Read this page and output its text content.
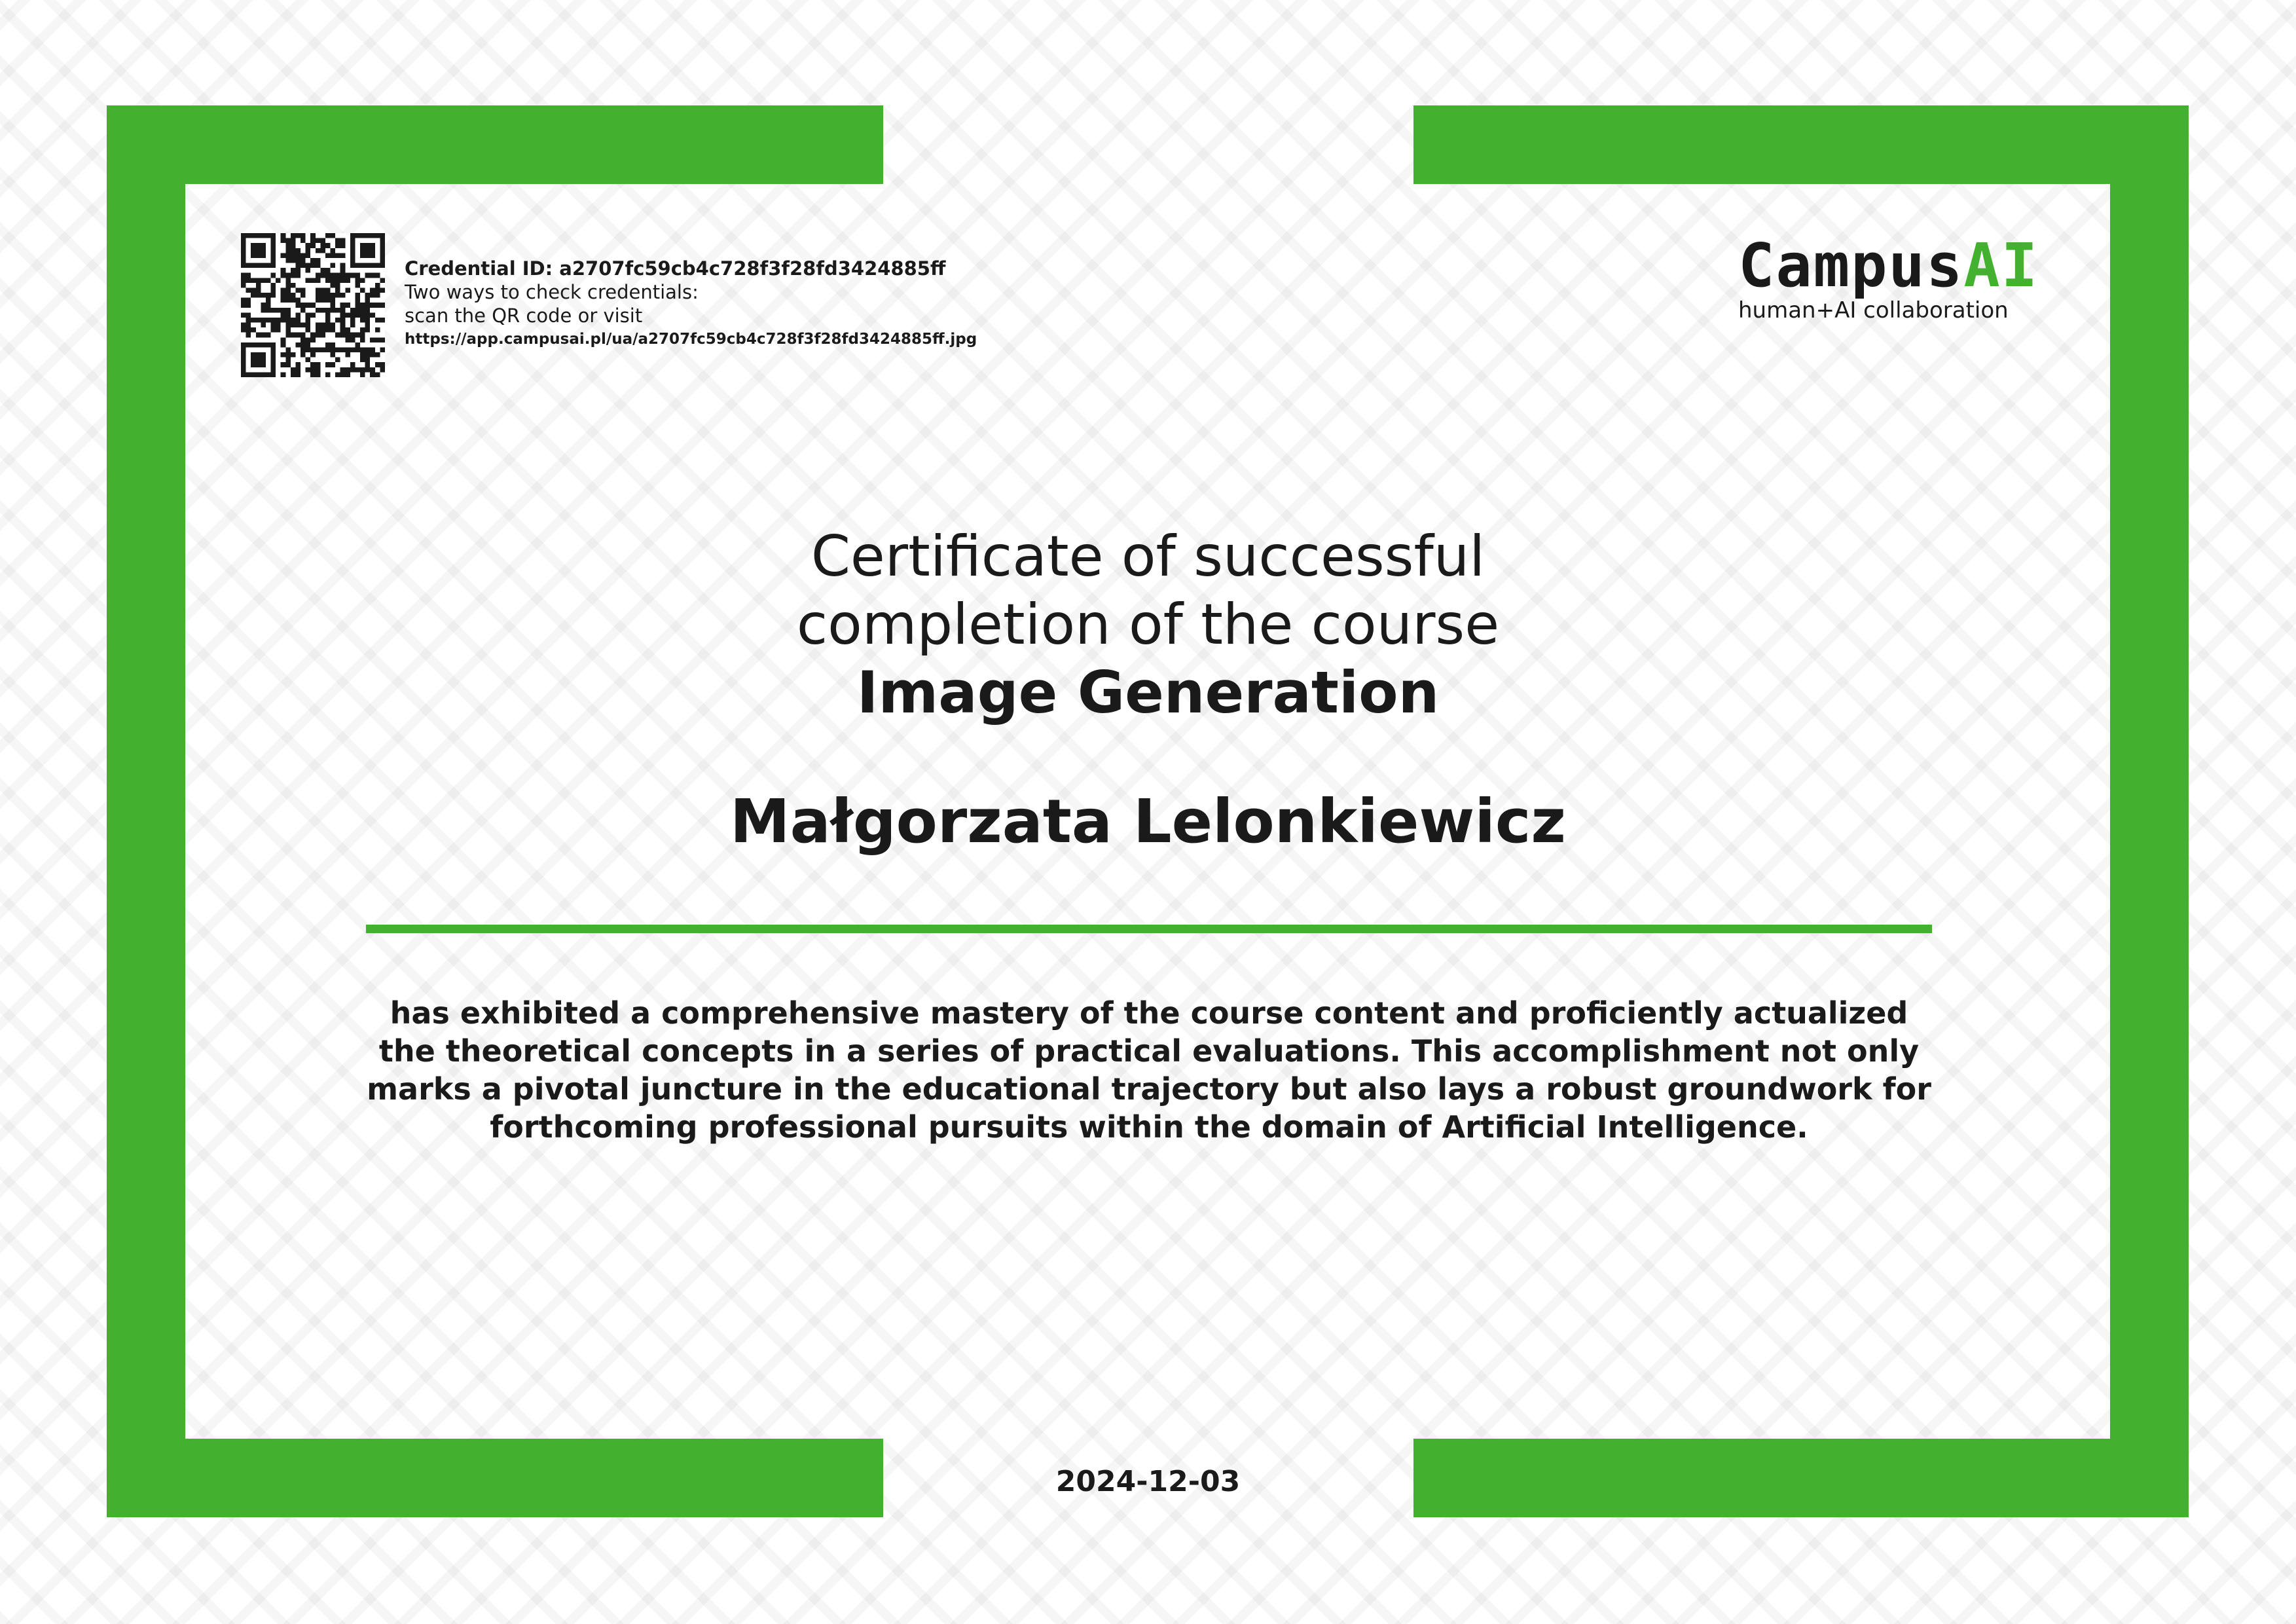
Credential ID: a2707fc59cb4c728f3f28fd3424885ff
Two ways to check credentials:
scan the QR code or visit
https://app.campusai.pl/ua/a2707fc59cb4c728f3f28fd3424885ff.jpg
CampusAI
human+AI collaboration
Certificate of successful
completion of the course
Image Generation
Małgorzata Lelonkiewicz
has exhibited a comprehensive mastery of the course content and proficiently actualized the theoretical concepts in a series of practical evaluations. This accomplishment not only marks a pivotal juncture in the educational trajectory but also lays a robust groundwork for forthcoming professional pursuits within the domain of Artificial Intelligence.
2024-12-03
